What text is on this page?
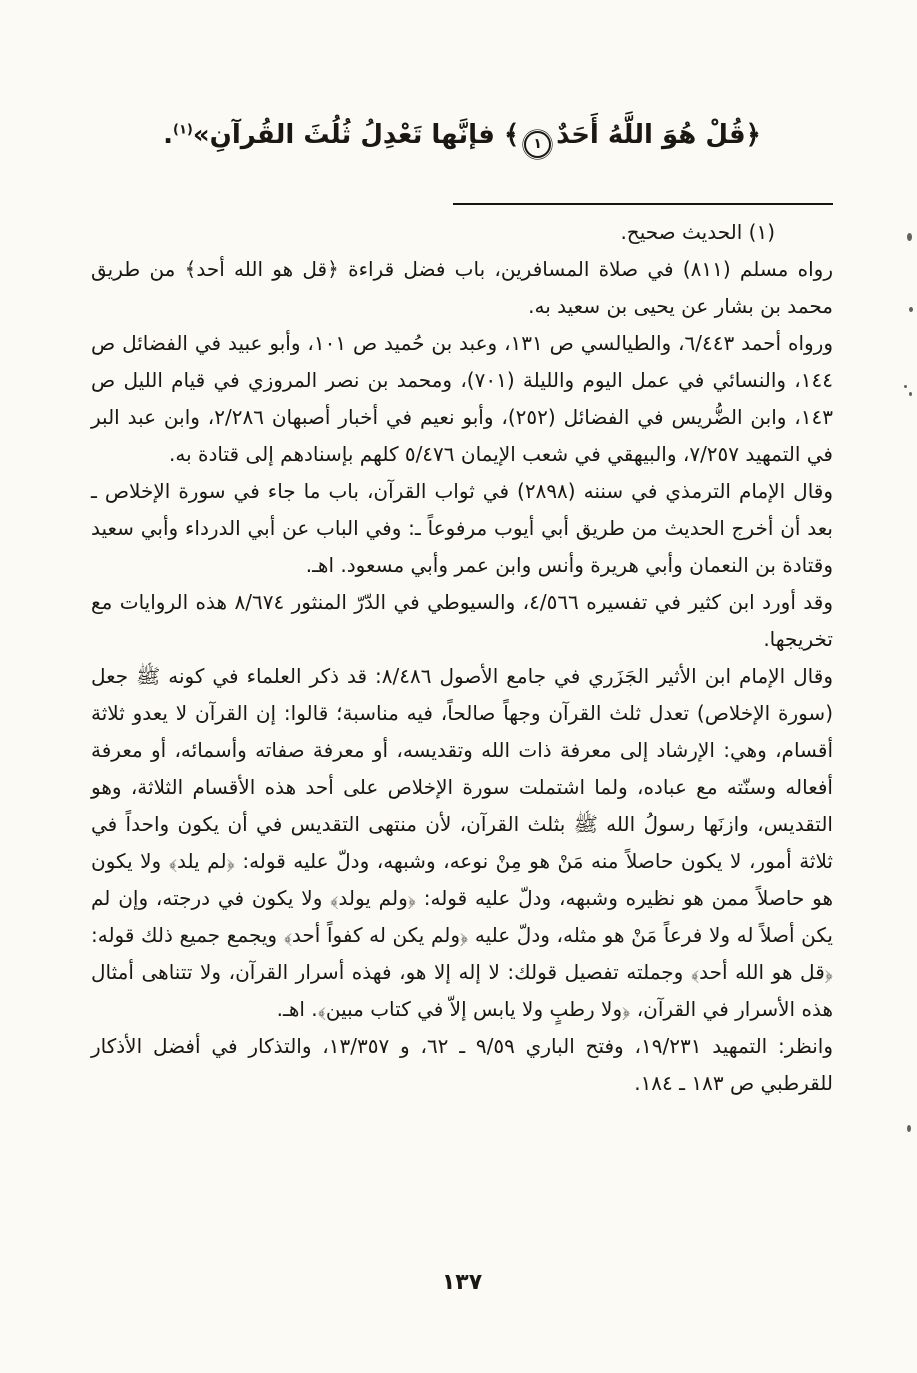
﴿قُلْ هُوَ اللَّهُ أَحَدٌ١﴾ فإنَّها تَعْدِلُ ثُلُثَ القُرآنِ»$^{(١)}$.

(١) الحديث صحيح.

رواه مسلم (٨١١) في صلاة المسافرين، باب فضل قراءة ﴿قل هو الله أحد﴾ من طريق محمد بن بشار عن يحيى بن سعيد به.

ورواه أحمد ٦/٤٤٣، والطيالسي ص ١٣١، وعبد بن حُميد ص ١٠١، وأبو عبيد في الفضائل ص ١٤٤، والنسائي في عمل اليوم والليلة (٧٠١)، ومحمد بن نصر المروزي في قيام الليل ص ١٤٣، وابن الضُّريس في الفضائل (٢٥٢)، وأبو نعيم في أخبار أصبهان ٢/٢٨٦، وابن عبد البر في التمهيد ٧/٢٥٧، والبيهقي في شعب الإيمان ٥/٤٧٦ كلهم بإسنادهم إلى قتادة به.

وقال الإمام الترمذي في سننه (٢٨٩٨) في ثواب القرآن، باب ما جاء في سورة الإخلاص ـ بعد أن أخرج الحديث من طريق أبي أيوب مرفوعاً ـ: وفي الباب عن أبي الدرداء وأبي سعيد وقتادة بن النعمان وأبي هريرة وأنس وابن عمر وأبي مسعود. اهـ.

وقد أورد ابن كثير في تفسيره ٤/٥٦٦، والسيوطي في الدّرّ المنثور ٨/٦٧٤ هذه الروايات مع تخريجها.

وقال الإمام ابن الأثير الجَزَري في جامع الأصول ٨/٤٨٦: قد ذكر العلماء في كونه ﷺ جعل (سورة الإخلاص) تعدل ثلث القرآن وجهاً صالحاً، فيه مناسبة؛ قالوا: إن القرآن لا يعدو ثلاثة أقسام، وهي: الإرشاد إلى معرفة ذات الله وتقديسه، أو معرفة صفاته وأسمائه، أو معرفة أفعاله وسنّته مع عباده، ولما اشتملت سورة الإخلاص على أحد هذه الأقسام الثلاثة، وهو التقديس، وازنَها رسولُ الله ﷺ بثلث القرآن، لأن منتهى التقديس في أن يكون واحداً في ثلاثة أمور، لا يكون حاصلاً منه مَنْ هو مِنْ نوعه، وشبهه، ودلّ عليه قوله: ﴿لم يلد﴾ ولا يكون هو حاصلاً ممن هو نظيره وشبهه، ودلّ عليه قوله: ﴿ولم يولد﴾ ولا يكون في درجته، وإن لم يكن أصلاً له ولا فرعاً مَنْ هو مثله، ودلّ عليه ﴿ولم يكن له كفواً أحد﴾ ويجمع جميع ذلك قوله: ﴿قل هو الله أحد﴾ وجملته تفصيل قولك: لا إله إلا هو، فهذه أسرار القرآن، ولا تتناهى أمثال هذه الأسرار في القرآن، ﴿ولا رطبٍ ولا يابس إلاّ في كتاب مبين﴾. اهـ.

وانظر: التمهيد ١٩/٢٣١، وفتح الباري ٩/٥٩ ـ ٦٢، و ١٣/٣٥٧، والتذكار في أفضل الأذكار للقرطبي ص ١٨٣ ـ ١٨٤.

١٣٧
